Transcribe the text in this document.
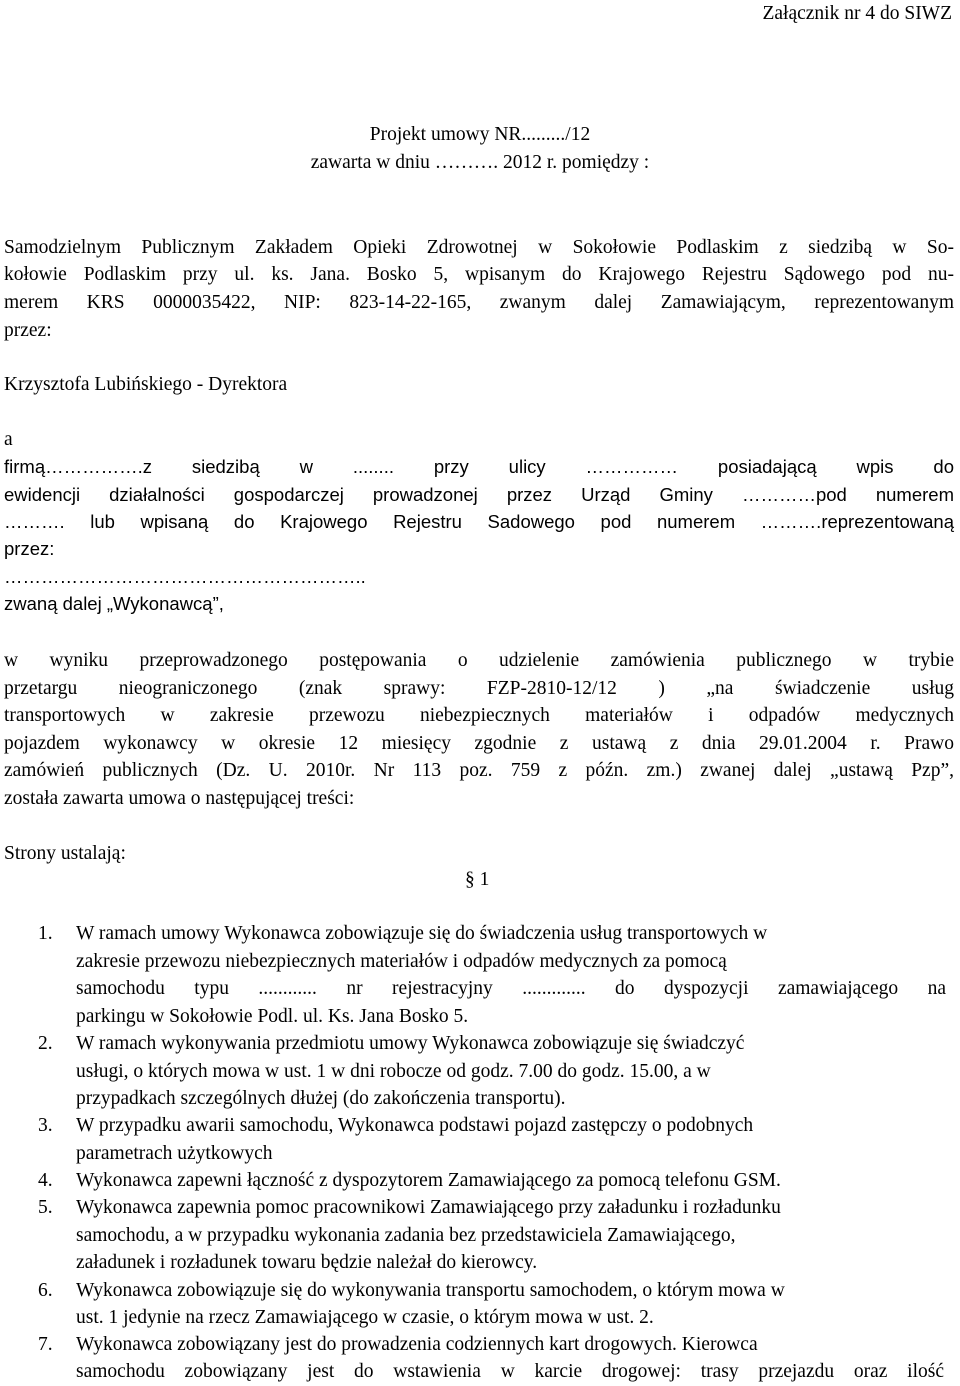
Załącznik nr 4 do SIWZ
Projekt umowy NR........./12
zawarta w dniu ………. 2012 r. pomiędzy :
Samodzielnym Publicznym Zakładem Opieki Zdrowotnej w Sokołowie Podlaskim z siedzibą w So-
kołowie Podlaskim przy ul. ks. Jana. Bosko 5, wpisanym do Krajowego Rejestru Sądowego pod nu-
merem KRS 0000035422, NIP: 823-14-22-165, zwanym dalej Zamawiającym, reprezentowanym
przez:
Krzysztofa Lubińskiego - Dyrektora
a
firmą…………….z siedzibą w ........ przy ulicy …………… posiadającą wpis do
ewidencji działalności gospodarczej prowadzonej przez Urząd Gminy …………pod numerem
………. lub wpisaną do Krajowego Rejestru Sadowego pod numerem ……….reprezentowaną
przez:
…………………………………………………..
zwaną dalej „Wykonawcą”,
w wyniku przeprowadzonego postępowania o udzielenie zamówienia publicznego w trybie
przetargu nieograniczonego (znak sprawy: FZP-2810-12/12 ) „na świadczenie usług
transportowych w zakresie przewozu niebezpiecznych materiałów i odpadów medycznych
pojazdem wykonawcy w okresie 12 miesięcy zgodnie z ustawą z dnia 29.01.2004 r. Prawo
zamówień publicznych (Dz. U. 2010r. Nr 113 poz. 759 z późn. zm.) zwanej dalej „ustawą Pzp”,
została zawarta umowa o następującej treści:
Strony ustalają:
§ 1
1. W ramach umowy Wykonawca zobowiązuje się do świadczenia usług transportowych w
zakresie przewozu niebezpiecznych materiałów i odpadów medycznych za pomocą
samochodu typu ............ nr rejestracyjny ............. do dyspozycji zamawiającego na
parkingu w Sokołowie Podl. ul. Ks. Jana Bosko 5.
2. W ramach wykonywania przedmiotu umowy Wykonawca zobowiązuje się świadczyć
usługi, o których mowa w ust. 1 w dni robocze od godz. 7.00 do godz. 15.00, a w
przypadkach szczególnych dłużej (do zakończenia transportu).
3. W przypadku awarii samochodu, Wykonawca podstawi pojazd zastępczy o podobnych
parametrach użytkowych
4. Wykonawca zapewni łączność z dyspozytorem Zamawiającego za pomocą telefonu GSM.
5. Wykonawca zapewnia pomoc pracownikowi Zamawiającego przy załadunku i rozładunku
samochodu, a w przypadku wykonania zadania bez przedstawiciela Zamawiającego,
załadunek i rozładunek towaru będzie należał do kierowcy.
6. Wykonawca zobowiązuje się do wykonywania transportu samochodem, o którym mowa w
ust. 1 jedynie na rzecz Zamawiającego w czasie, o którym mowa w ust. 2.
7. Wykonawca zobowiązany jest do prowadzenia codziennych kart drogowych. Kierowca
samochodu zobowiązany jest do wstawienia w karcie drogowej: trasy przejazdu oraz ilość
